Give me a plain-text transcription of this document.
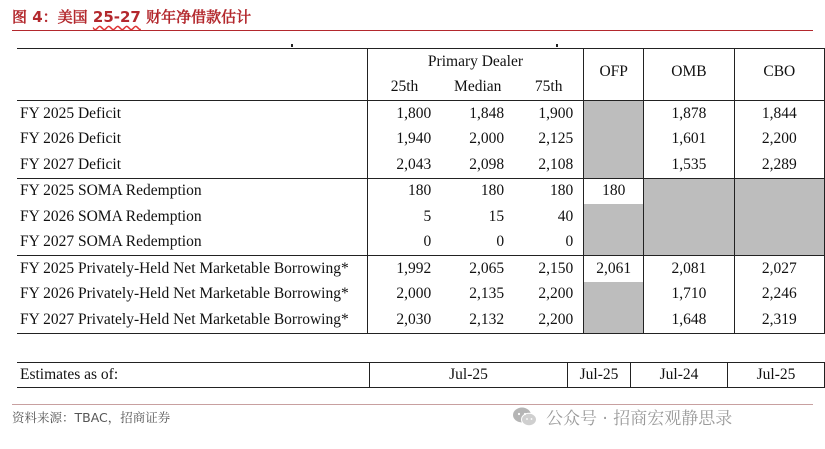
图 4：美国 25-27 财年净借款估计
	Primary Dealer			OFP	OMB	CBO
	25th	Median	75th			
FY 2025 Deficit	1,800	1,848	1,900		1,878	1,844
FY 2026 Deficit	1,940	2,000	2,125		1,601	2,200
FY 2027 Deficit	2,043	2,098	2,108		1,535	2,289
FY 2025 SOMA Redemption	180	180	180	180		
FY 2026 SOMA Redemption	5	15	40			
FY 2027 SOMA Redemption	0	0	0			
FY 2025 Privately-Held Net Marketable Borrowing*	1,992	2,065	2,150	2,061	2,081	2,027
FY 2026 Privately-Held Net Marketable Borrowing*	2,000	2,135	2,200		1,710	2,246
FY 2027 Privately-Held Net Marketable Borrowing*	2,030	2,132	2,200		1,648	2,319
Estimates as of:	Jul-25	Jul-25	Jul-24	Jul-25
资料来源：TBAC，招商证券	公众号 · 招商宏观静思录
